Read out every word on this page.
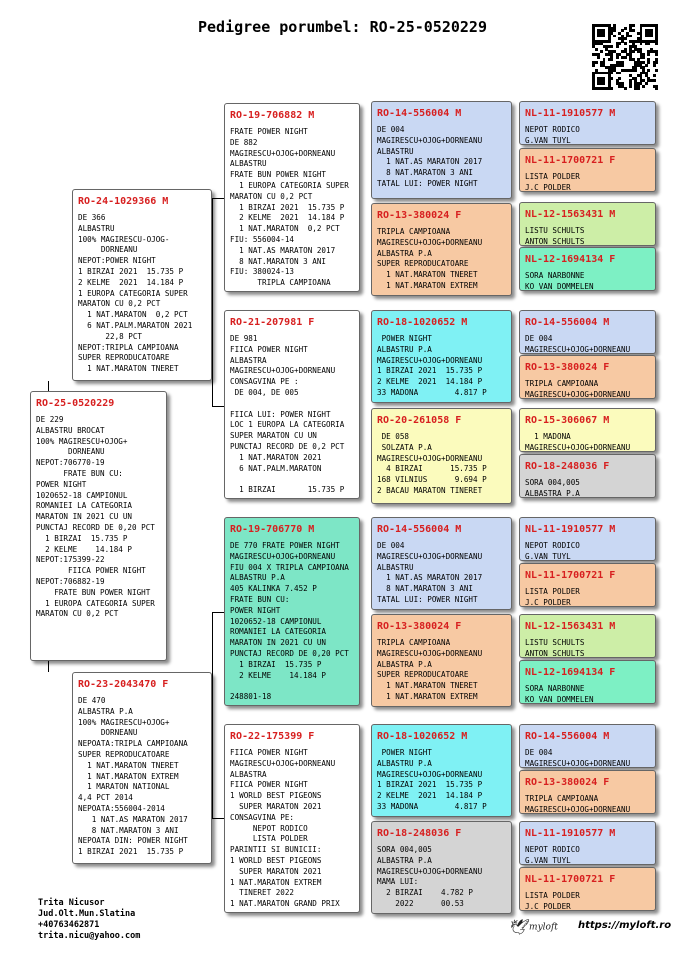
Pedigree porumbel: RO-25-0520229
RO-25-0520229
DE 229
ALBASTRU BROCAT
100% MAGIRESCU+OJOG+
DORNEANU
NEPOT:706770-19
FRATE BUN CU:
POWER NIGHT
1020652-18 CAMPIONUL
ROMANIEI LA CATEGORIA
MARATON IN 2021 CU UN
PUNCTAJ RECORD DE 0,20 PCT
1 BIRZAI  15.735 P
2 KELME    14.184 P
NEPOT:175399-22
FIICA POWER NIGHT
NEPOT:706882-19
FRATE BUN POWER NIGHT
1 EUROPA CATEGORIA SUPER
MARATON CU 0,2 PCT
RO-24-1029366 M
DE 366
ALBASTRU
100% MAGIRESCU-OJOG-
DORNEANU
NEPOT:POWER NIGHT
1 BIRZAI 2021  15.735 P
2 KELME  2021  14.184 P
1 EUROPA CATEGORIA SUPER
MARATON CU 0,2 PCT
1 NAT.MARATON  0,2 PCT
6 NAT.PALM.MARATON 2021
22,8 PCT
NEPOT:TRIPLA CAMPIOANA
SUPER REPRODUCATOARE
1 NAT.MARATON TNERET
RO-23-2043470 F
DE 470
ALBASTRA P.A
100% MAGIRESCU+OJOG+
DORNEANU
NEPOATA:TRIPLA CAMPIOANA
SUPER REPRODUCATOARE
1 NAT.MARATON TNERET
1 NAT.MARATON EXTREM
1 MARATON NATIONAL
4,4 PCT 2014
NEPOATA:556004-2014
1 NAT.AS MARATON 2017
8 NAT.MARATON 3 ANI
NEPOATA DIN: POWER NIGHT
1 BIRZAI 2021  15.735 P
RO-19-706882 M
FRATE POWER NIGHT
DE 882
MAGIRESCU+OJOG+DORNEANU
ALBASTRU
FRATE BUN POWER NIGHT
1 EUROPA CATEGORIA SUPER
MARATON CU 0,2 PCT
1 BIRZAI 2021  15.735 P
2 KELME  2021  14.184 P
1 NAT.MARATON  0,2 PCT
FIU: 556004-14
1 NAT.AS MARATON 2017
8 NAT.MARATON 3 ANI
FIU: 380024-13
TRIPLA CAMPIOANA
RO-21-207981 F
DE 981
FIICA POWER NIGHT
ALBASTRA
MAGIRESCU+OJOG+DORNEANU
CONSAGVINA PE :
DE 004, DE 005

FIICA LUI: POWER NIGHT
LOC 1 EUROPA LA CATEGORIA
SUPER MARATON CU UN
PUNCTAJ RECORD DE 0,2 PCT
1 NAT.MARATON 2021
6 NAT.PALM.MARATON

1 BIRZAI       15.735 P
RO-19-706770 M
DE 770 FRATE POWER NIGHT
MAGIRESCU+OJOG+DORNEANU
FIU 004 X TRIPLA CAMPIOANA
ALBASTRU P.A
405 KALINKA 7.452 P
FRATE BUN CU:
POWER NIGHT
1020652-18 CAMPIONUL
ROMANIEI LA CATEGORIA
MARATON IN 2021 CU UN
PUNCTAJ RECORD DE 0,20 PCT
1 BIRZAI  15.735 P
2 KELME    14.184 P

248801-18
RO-22-175399 F
FIICA POWER NIGHT
MAGIRESCU+OJOG+DORNEANU
ALBASTRA
FIICA POWER NIGHT
1 WORLD BEST PIGEONS
SUPER MARATON 2021
CONSAGVINA PE:
NEPOT RODICO
LISTA POLDER
PARINTII SI BUNICII:
1 WORLD BEST PIGEONS
SUPER MARATON 2021
1 NAT.MARATON EXTREM
TINERET 2022
1 NAT.MARATON GRAND PRIX
RO-14-556004 M
DE 004
MAGIRESCU+OJOG+DORNEANU
ALBASTRU
1 NAT.AS MARATON 2017
8 NAT.MARATON 3 ANI
TATAL LUI: POWER NIGHT
RO-13-380024 F
TRIPLA CAMPIOANA
MAGIRESCU+OJOG+DORNEANU
ALBASTRA P.A
SUPER REPRODUCATOARE
1 NAT.MARATON TNERET
1 NAT.MARATON EXTREM
RO-18-1020652 M
POWER NIGHT
ALBASTRU P.A
MAGIRESCU+OJOG+DORNEANU
1 BIRZAI 2021  15.735 P
2 KELME  2021  14.184 P
33 MADONA        4.817 P
RO-20-261058 F
DE 058
SOLZATA P.A
MAGIRESCU+OJOG+DORNEANU
4 BIRZAI      15.735 P
168 VILNIUS      9.694 P
2 BACAU MARATON TINERET
RO-14-556004 M
DE 004
MAGIRESCU+OJOG+DORNEANU
ALBASTRU
1 NAT.AS MARATON 2017
8 NAT.MARATON 3 ANI
TATAL LUI: POWER NIGHT
RO-13-380024 F
TRIPLA CAMPIOANA
MAGIRESCU+OJOG+DORNEANU
ALBASTRA P.A
SUPER REPRODUCATOARE
1 NAT.MARATON TNERET
1 NAT.MARATON EXTREM
RO-18-1020652 M
POWER NIGHT
ALBASTRU P.A
MAGIRESCU+OJOG+DORNEANU
1 BIRZAI 2021  15.735 P
2 KELME  2021  14.184 P
33 MADONA        4.817 P
RO-18-248036 F
SORA 004,005
ALBASTRA P.A
MAGIRESCU+OJOG+DORNEANU
MAMA LUI:
2 BIRZAI    4.782 P
2022      00.53
NL-11-1910577 M
NEPOT RODICO
G.VAN TUYL
NL-11-1700721 F
LISTA POLDER
J.C POLDER
NL-12-1563431 M
LISTU SCHULTS
ANTON SCHULTS
NL-12-1694134 F
SORA NARBONNE
KO VAN DOMMELEN
RO-14-556004 M
DE 004
MAGIRESCU+OJOG+DORNEANU
RO-13-380024 F
TRIPLA CAMPIOANA
MAGIRESCU+OJOG+DORNEANU
RO-15-306067 M
1 MADONA
MAGIRESCU+OJOG+DORNEANU
RO-18-248036 F
SORA 004,005
ALBASTRA P.A
NL-11-1910577 M
NEPOT RODICO
G.VAN TUYL
NL-11-1700721 F
LISTA POLDER
J.C POLDER
NL-12-1563431 M
LISTU SCHULTS
ANTON SCHULTS
NL-12-1694134 F
SORA NARBONNE
KO VAN DOMMELEN
RO-14-556004 M
DE 004
MAGIRESCU+OJOG+DORNEANU
RO-13-380024 F
TRIPLA CAMPIOANA
MAGIRESCU+OJOG+DORNEANU
NL-11-1910577 M
NEPOT RODICO
G.VAN TUYL
NL-11-1700721 F
LISTA POLDER
J.C POLDER
Trita Nicusor
Jud.Olt.Mun.Slatina
+40763462871
trita.nicu@yahoo.com	🕊 myloft https://myloft.ro
